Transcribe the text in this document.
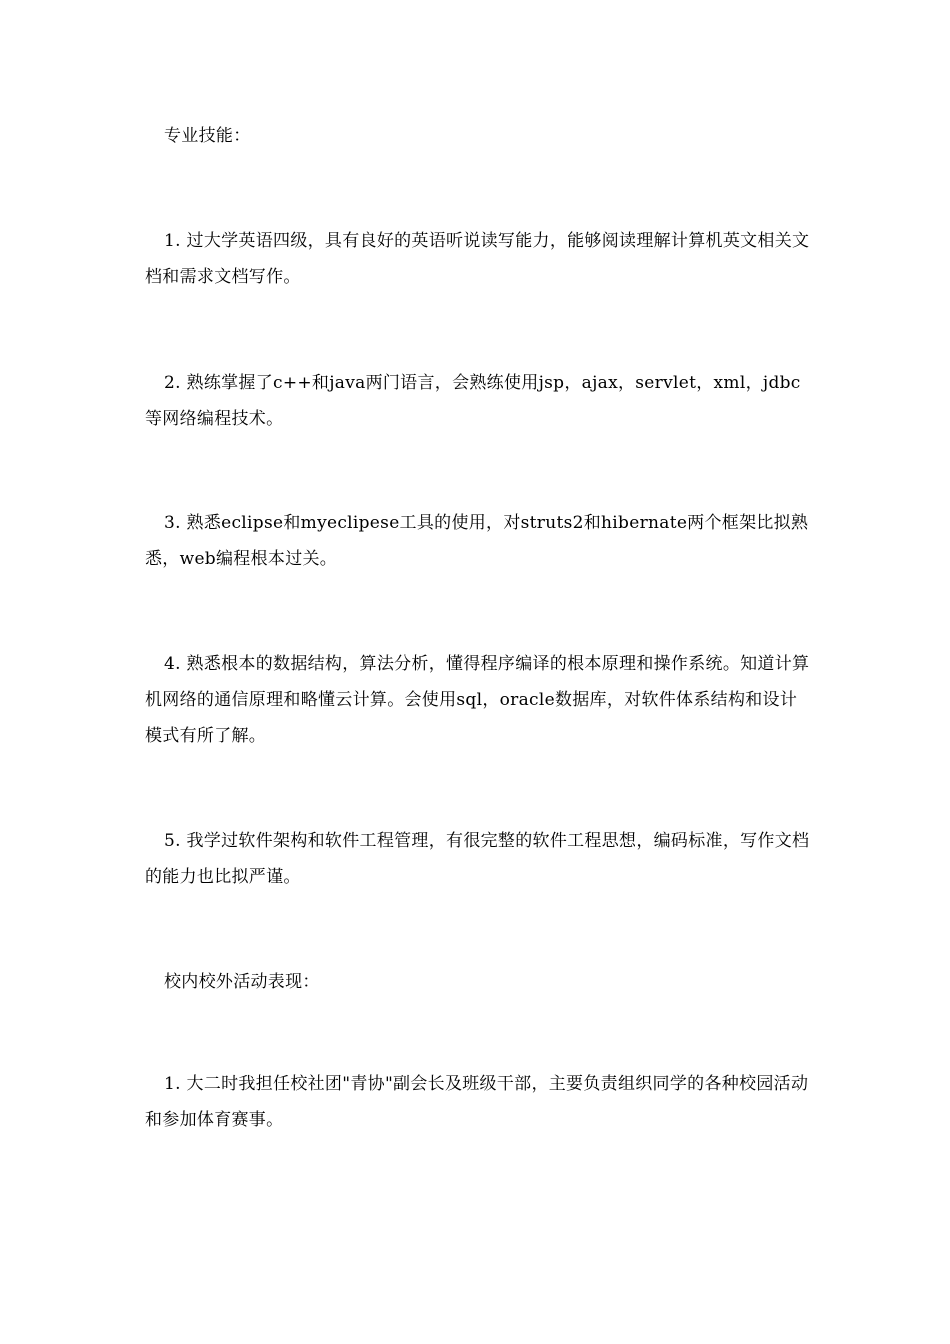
专业技能：

1. 过大学英语四级，具有良好的英语听说读写能力，能够阅读理解计算机英文相关文档和需求文档写作。

2. 熟练掌握了c++和java两门语言，会熟练使用jsp，ajax，servlet，xml，jdbc等网络编程技术。

3. 熟悉eclipse和myeclipese工具的使用，对struts2和hibernate两个框架比拟熟悉，web编程根本过关。

4. 熟悉根本的数据结构，算法分析，懂得程序编译的根本原理和操作系统。知道计算机网络的通信原理和略懂云计算。会使用sql，oracle数据库，对软件体系结构和设计模式有所了解。

5. 我学过软件架构和软件工程管理，有很完整的软件工程思想，编码标准，写作文档的能力也比拟严谨。

校内校外活动表现：

1. 大二时我担任校社团"青协"副会长及班级干部，主要负责组织同学的各种校园活动和参加体育赛事。
